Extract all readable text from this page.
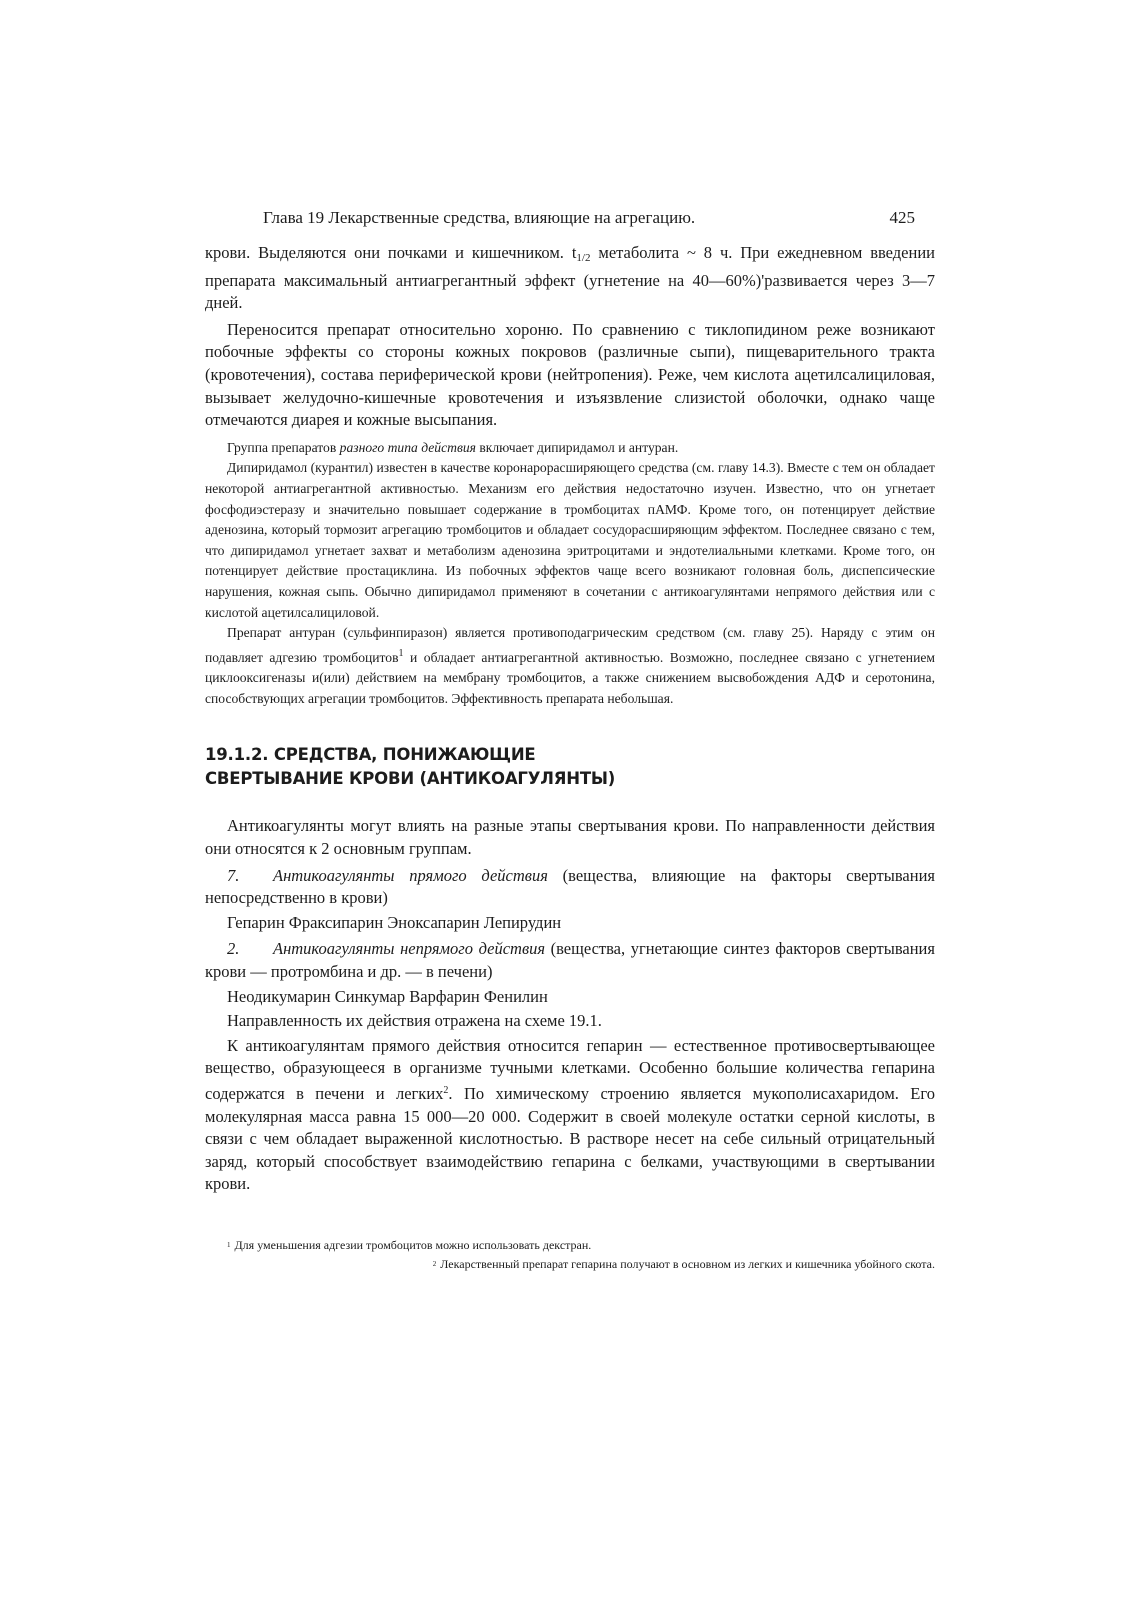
Глава 19 Лекарственные средства, влияющие на агрегацию.	425

крови. Выделяются они почками и кишечником. $t_{1/2}$ метаболита ~ 8 ч. При ежедневном введении препарата максимальный антиагрегантный эффект (угнетение на 40—60%)'развивается через 3—7 дней.

Переносится препарат относительно хороню. По сравнению с тиклопидином реже возникают побочные эффекты со стороны кожных покровов (различные сыпи), пищеварительного тракта (кровотечения), состава периферической крови (нейтропения). Реже, чем кислота ацетилсалициловая, вызывает желудочно-кишечные кровотечения и изъязвление слизистой оболочки, однако чаще отмечаются диарея и кожные высыпания.

Группа препаратов разного типа действия включает дипиридамол и антуран.

Дипиридамол (курантил) известен в качестве коронарорасширяющего средства (см. главу 14.3). Вместе с тем он обладает некоторой антиагрегантной активностью. Механизм его действия недостаточно изучен. Известно, что он угнетает фосфодиэстеразу и значительно повышает содержание в тромбоцитах пАМФ. Кроме того, он потенцирует действие аденозина, который тормозит агрегацию тромбоцитов и обладает сосудорасширяющим эффектом. Последнее связано с тем, что дипиридамол угнетает захват и метаболизм аденозина эритроцитами и эндотелиальными клетками. Кроме того, он потенцирует действие простациклина. Из побочных эффектов чаще всего возникают головная боль, диспепсические нарушения, кожная сыпь. Обычно дипиридамол применяют в сочетании с антикоагулянтами непрямого действия или с кислотой ацетилсалициловой.

Препарат антуран (сульфинпиразон) является противоподагрическим средством (см. главу 25). Наряду с этим он подавляет адгезию тромбоцитов$^1$ и обладает антиагрегантной активностью. Возможно, последнее связано с угнетением циклооксигеназы и(или) действием на мембрану тромбоцитов, а также снижением высвобождения АДФ и серотонина, способствующих агрегации тромбоцитов. Эффективность препарата небольшая.

19.1.2. СРЕДСТВА, ПОНИЖАЮЩИЕ
СВЕРТЫВАНИЕ КРОВИ (АНТИКОАГУЛЯНТЫ)

Антикоагулянты могут влиять на разные этапы свертывания крови. По направленности действия они относятся к 2 основным группам.

7. Антикоагулянты прямого действия (вещества, влияющие на факторы свертывания непосредственно в крови)

Гепарин Фраксипарин Эноксапарин Лепирудин

2. Антикоагулянты непрямого действия (вещества, угнетающие синтез факторов свертывания крови — протромбина и др. — в печени)

Неодикумарин Синкумар Варфарин Фенилин
Направленность их действия отражена на схеме 19.1.

К антикоагулянтам прямого действия относится гепарин — естественное противосвертывающее вещество, образующееся в организме тучными клетками. Особенно большие количества гепарина содержатся в печени и легких$^2$. По химическому строению является мукополисахаридом. Его молекулярная масса равна 15 000—20 000. Содержит в своей молекуле остатки серной кислоты, в связи с чем обладает выраженной кислотностью. В растворе несет на себе сильный отрицательный заряд, который способствует взаимодействию гепарина с белками, участвующими в свертывании крови.

1 Для уменьшения адгезии тромбоцитов можно использовать декстран.
2 Лекарственный препарат гепарина получают в основном из легких и кишечника убойного скота.
